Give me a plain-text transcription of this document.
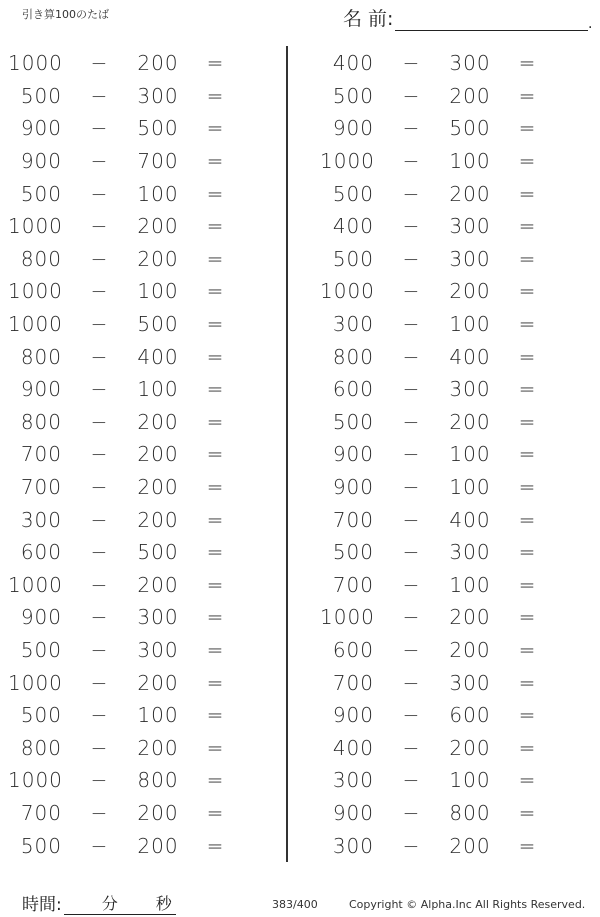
引き算100のたば	名 前:	.
1000	−	200	=
500	−	300	=
900	−	500	=
900	−	700	=
500	−	100	=
1000	−	200	=
800	−	200	=
1000	−	100	=
1000	−	500	=
800	−	400	=
900	−	100	=
800	−	200	=
700	−	200	=
700	−	200	=
300	−	200	=
600	−	500	=
1000	−	200	=
900	−	300	=
500	−	300	=
1000	−	200	=
500	−	100	=
800	−	200	=
1000	−	800	=
700	−	200	=
500	−	200	=
400	−	300	=
500	−	200	=
900	−	500	=
1000	−	100	=
500	−	200	=
400	−	300	=
500	−	300	=
1000	−	200	=
300	−	100	=
800	−	400	=
600	−	300	=
500	−	200	=
900	−	100	=
900	−	100	=
700	−	400	=
500	−	300	=
700	−	100	=
1000	−	200	=
600	−	200	=
700	−	300	=
900	−	600	=
400	−	200	=
300	−	100	=
900	−	800	=
300	−	200	=
時間:	分 秒	383/400	Copyright © Alpha.Inc All Rights Reserved.
